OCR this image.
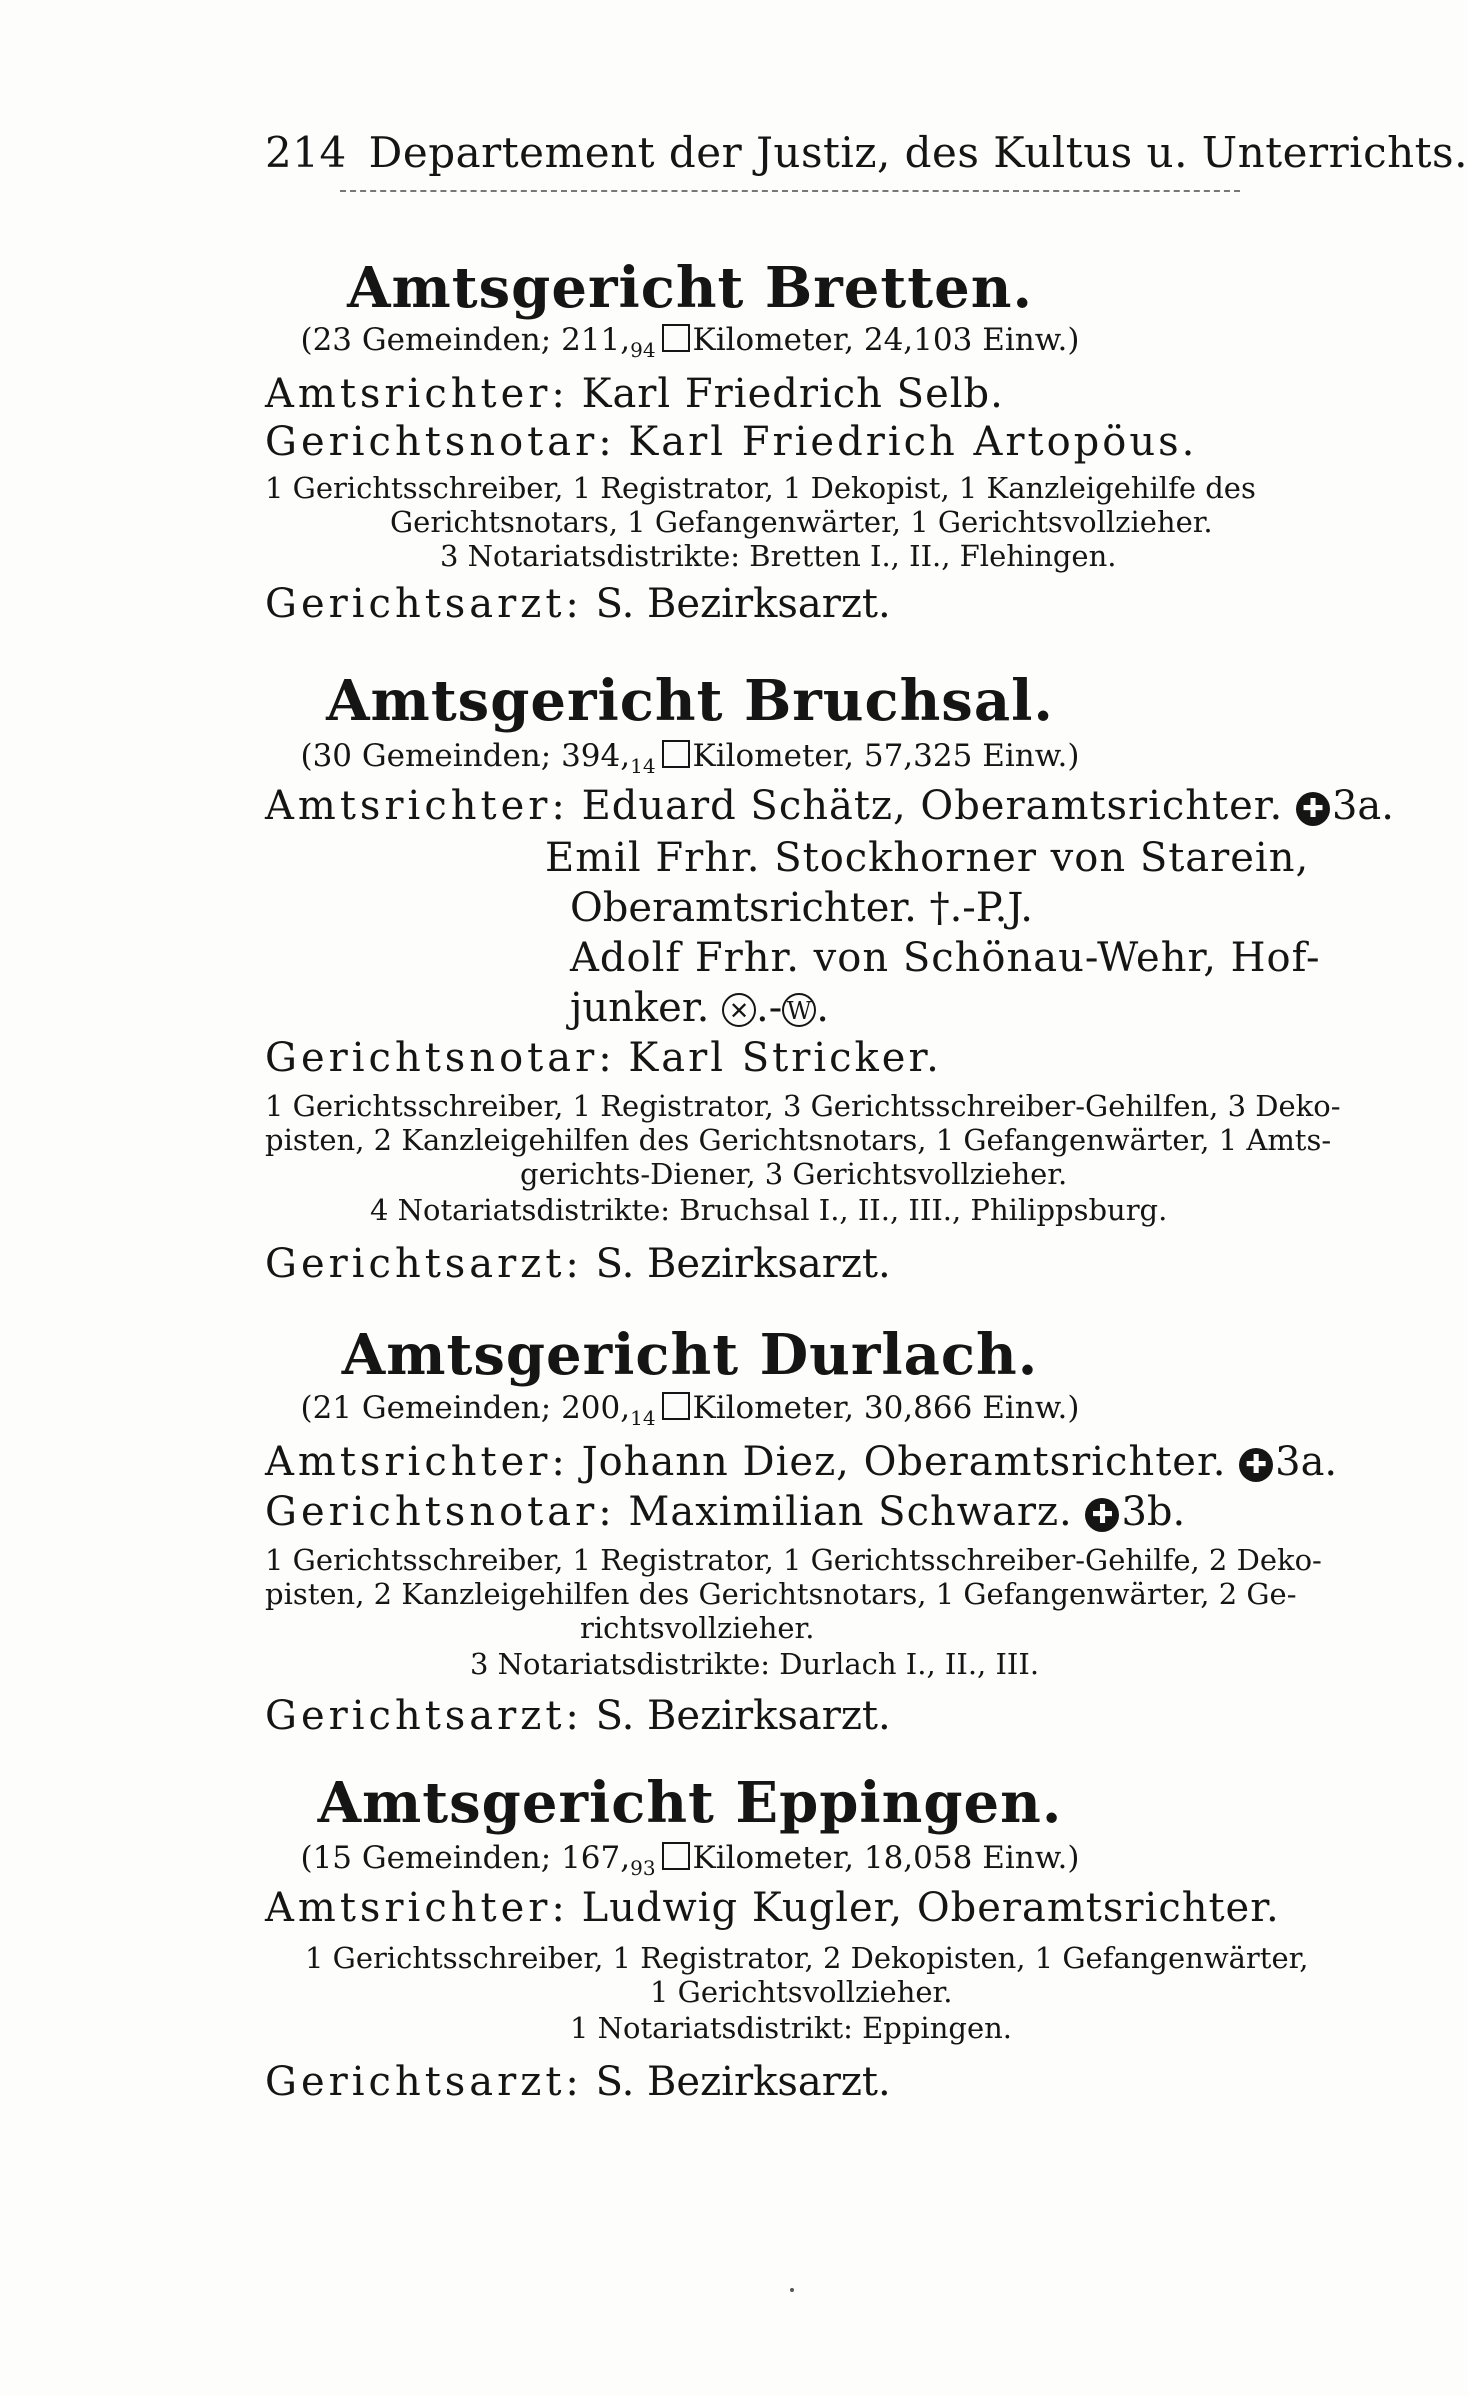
214 Departement der Justiz, des Kultus u. Unterrichts.
Amtsgericht Bretten.
(23 Gemeinden; $211,_{94}$ Kilometer, 24,103 Einw.)
Amtsrichter: Karl Friedrich Selb.
Gerichtsnotar: Karl Friedrich Artopöus.
1 Gerichtsschreiber, 1 Registrator, 1 Dekopist, 1 Kanzleigehilfe des
Gerichtsnotars, 1 Gefangenwärter, 1 Gerichtsvollzieher.
3 Notariatsdistrikte: Bretten I., II., Flehingen.
Gerichtsarzt: S. Bezirksarzt.
Amtsgericht Bruchsal.
(30 Gemeinden; $394,_{14}$ Kilometer, 57,325 Einw.)
Amtsrichter: Eduard Schätz, Oberamtsrichter. ✚ 3a.
Emil Frhr. Stockhorner von Starein,
Oberamtsrichter. †.-P.J.
Adolf Frhr. von Schönau-Wehr, Hof-
junker. ✕ .- W .
Gerichtsnotar: Karl Stricker.
1 Gerichtsschreiber, 1 Registrator, 3 Gerichtsschreiber-Gehilfen, 3 Deko-
pisten, 2 Kanzleigehilfen des Gerichtsnotars, 1 Gefangenwärter, 1 Amts-
gerichts-Diener, 3 Gerichtsvollzieher.
4 Notariatsdistrikte: Bruchsal I., II., III., Philippsburg.
Gerichtsarzt: S. Bezirksarzt.
Amtsgericht Durlach.
(21 Gemeinden; $200,_{14}$ Kilometer, 30,866 Einw.)
Amtsrichter: Johann Diez, Oberamtsrichter. ✚ 3a.
Gerichtsnotar: Maximilian Schwarz. ✚ 3b.
1 Gerichtsschreiber, 1 Registrator, 1 Gerichtsschreiber-Gehilfe, 2 Deko-
pisten, 2 Kanzleigehilfen des Gerichtsnotars, 1 Gefangenwärter, 2 Ge-
richtsvollzieher.
3 Notariatsdistrikte: Durlach I., II., III.
Gerichtsarzt: S. Bezirksarzt.
Amtsgericht Eppingen.
(15 Gemeinden; $167,_{93}$ Kilometer, 18,058 Einw.)
Amtsrichter: Ludwig Kugler, Oberamtsrichter.
1 Gerichtsschreiber, 1 Registrator, 2 Dekopisten, 1 Gefangenwärter,
1 Gerichtsvollzieher.
1 Notariatsdistrikt: Eppingen.
Gerichtsarzt: S. Bezirksarzt.
